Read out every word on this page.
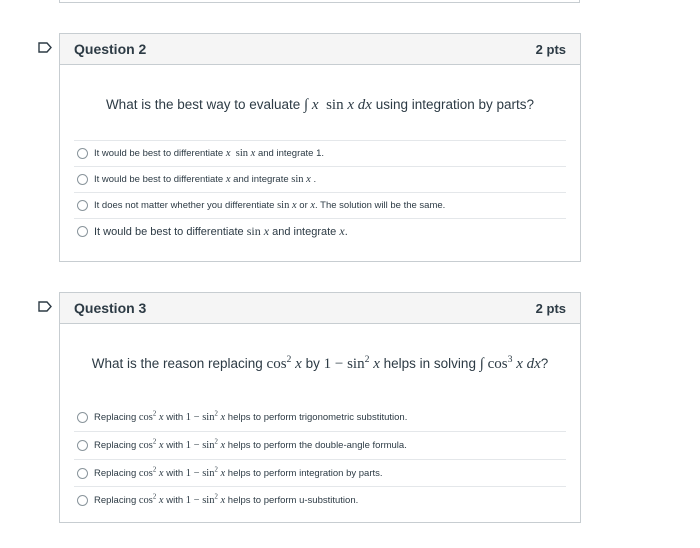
Question 2	2 pts
What is the best way to evaluate ∫ x sin x dx using integration by parts?
It would be best to differentiate x sin x and integrate 1.
It would be best to differentiate x and integrate sin x .
It does not matter whether you differentiate sin x or x. The solution will be the same.
It would be best to differentiate sin x and integrate x.
Question 3	2 pts
What is the reason replacing $\cos^2 x$ by $1 - \sin^2 x$ helps in solving ∫ $\cos^3 x$ dx?
Replacing $\cos^2 x$ with $1 - \sin^2 x$ helps to perform trigonometric substitution.
Replacing $\cos^2 x$ with $1 - \sin^2 x$ helps to perform the double-angle formula.
Replacing $\cos^2 x$ with $1 - \sin^2 x$ helps to perform integration by parts.
Replacing $\cos^2 x$ with $1 - \sin^2 x$ helps to perform u-substitution.
